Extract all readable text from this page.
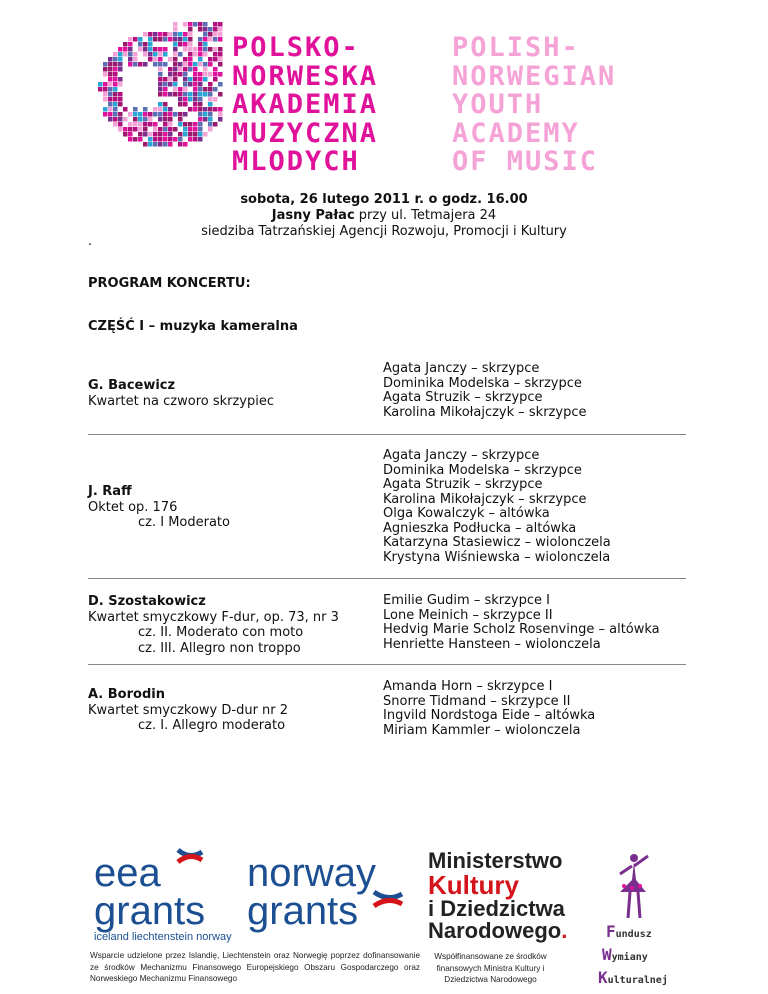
POLSKO-
NORWESKA
AKADEMIA
MUZYCZNA
MLODYCH
POLISH-
NORWEGIAN
YOUTH
ACADEMY
OF MUSIC
sobota, 26 lutego 2011 r. o godz. 16.00
Jasny Pałac przy ul. Tetmajera 24
siedziba Tatrzańskiej Agencji Rozwoju, Promocji i Kultury
.
PROGRAM KONCERTU:
CZĘŚĆ I – muzyka kameralna
G. Bacewicz
Kwartet na czworo skrzypiec
Agata Janczy – skrzypce
Dominika Modelska – skrzypce
Agata Struzik – skrzypce
Karolina Mikołajczyk – skrzypce
J. Raff
Oktet op. 176
cz. I Moderato
Agata Janczy – skrzypce
Dominika Modelska – skrzypce
Agata Struzik – skrzypce
Karolina Mikołajczyk – skrzypce
Olga Kowalczyk – altówka
Agnieszka Podłucka – altówka
Katarzyna Stasiewicz – wiolonczela
Krystyna Wiśniewska – wiolonczela
D. Szostakowicz
Kwartet smyczkowy F-dur, op. 73, nr 3
cz. II. Moderato con moto
cz. III. Allegro non troppo
Emilie Gudim – skrzypce I
Lone Meinich – skrzypce II
Hedvig Marie Scholz Rosenvinge – altówka
Henriette Hansteen – wiolonczela
A. Borodin
Kwartet smyczkowy D-dur nr 2
cz. I. Allegro moderato
Amanda Horn – skrzypce I
Snorre Tidmand – skrzypce II
Ingvild Nordstoga Eide – altówka
Miriam Kammler – wiolonczela
eea
grants
norway
grants
iceland liechtenstein norway
Wsparcie udzielone przez Islandię, Liechtenstein oraz Norwegię poprzez dofinansowanie ze środków Mechanizmu Finansowego Europejskiego Obszaru Gospodarczego oraz Norweskiego Mechanizmu Finansowego
Ministerstwo
Kultury
i Dziedzictwa
Narodowego.
Współfinansowane ze środków finansowych Ministra Kultury i Dziedzictwa Narodowego
Fundusz
Wymiany
Kulturalnej
